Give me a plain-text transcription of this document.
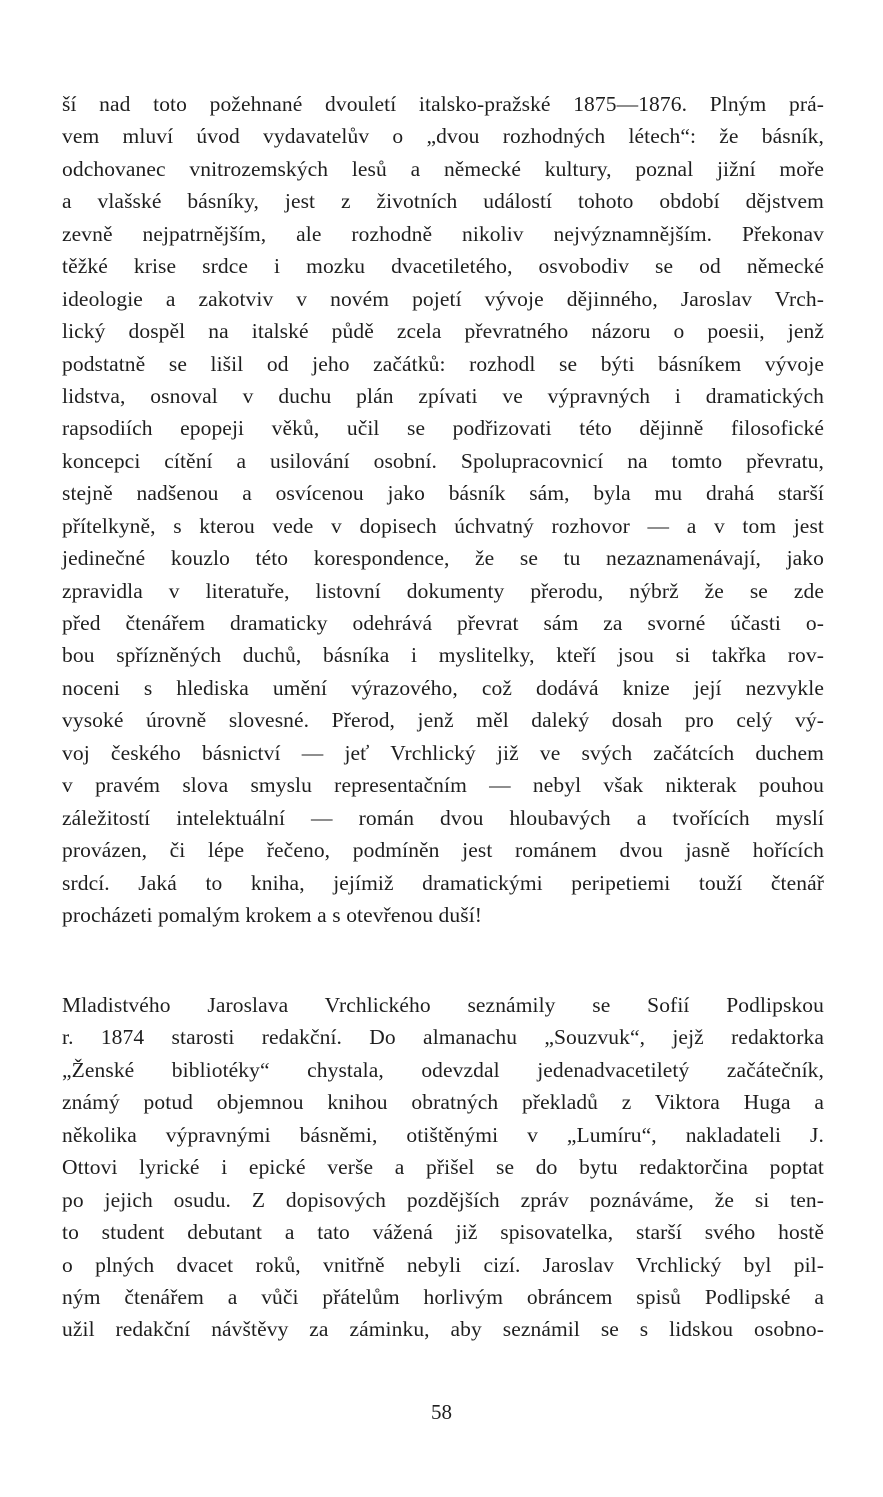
ší nad toto požehnané dvouletí italsko-pražské 1875—1876. Plným prá-
vem mluví úvod vydavatelův o „dvou rozhodných létech“: že básník,
odchovanec vnitrozemských lesů a německé kultury, poznal jižní moře
a vlašské básníky, jest z životních událostí tohoto období dějstvem
zevně nejpatrnějším, ale rozhodně nikoliv nejvýznamnějším. Překonav
těžké krise srdce i mozku dvacetiletého, osvobodiv se od německé
ideologie a zakotviv v novém pojetí vývoje dějinného, Jaroslav Vrch-
lický dospěl na italské půdě zcela převratného názoru o poesii, jenž
podstatně se lišil od jeho začátků: rozhodl se býti básníkem vývoje
lidstva, osnoval v duchu plán zpívati ve výpravných i dramatických
rapsodiích epopeji věků, učil se podřizovati této dějinně filosofické
koncepci cítění a usilování osobní. Spolupracovnicí na tomto převratu,
stejně nadšenou a osvícenou jako básník sám, byla mu drahá starší
přítelkyně, s kterou vede v dopisech úchvatný rozhovor — a v tom jest
jedinečné kouzlo této korespondence, že se tu nezaznamenávají, jako
zpravidla v literatuře, listovní dokumenty přerodu, nýbrž že se zde
před čtenářem dramaticky odehrává převrat sám za svorné účasti o-
bou spřízněných duchů, básníka i myslitelky, kteří jsou si takřka rov-
noceni s hlediska umění výrazového, což dodává knize její nezvykle
vysoké úrovně slovesné. Přerod, jenž měl daleký dosah pro celý vý-
voj českého básnictví — jeť Vrchlický již ve svých začátcích duchem
v pravém slova smyslu representačním — nebyl však nikterak pouhou
záležitostí intelektuální — román dvou hloubavých a tvořících myslí
provázen, či lépe řečeno, podmíněn jest románem dvou jasně hořících
srdcí. Jaká to kniha, jejímiž dramatickými peripetiemi touží čtenář
procházeti pomalým krokem a s otevřenou duší!
Mladistvého Jaroslava Vrchlického seznámily se Sofií Podlipskou
r. 1874 starosti redakční. Do almanachu „Souzvuk“, jejž redaktorka
„Ženské bibliotéky“ chystala, odevzdal jedenadvacetiletý začátečník,
známý potud objemnou knihou obratných překladů z Viktora Huga a
několika výpravnými básněmi, otištěnými v „Lumíru“, nakladateli J.
Ottovi lyrické i epické verše a přišel se do bytu redaktorčina poptat
po jejich osudu. Z dopisových pozdějších zpráv poznáváme, že si ten-
to student debutant a tato vážená již spisovatelka, starší svého hostě
o plných dvacet roků, vnitřně nebyli cizí. Jaroslav Vrchlický byl pil-
ným čtenářem a vůči přátelům horlivým obráncem spisů Podlipské a
užil redakční návštěvy za záminku, aby seznámil se s lidskou osobno-
58
